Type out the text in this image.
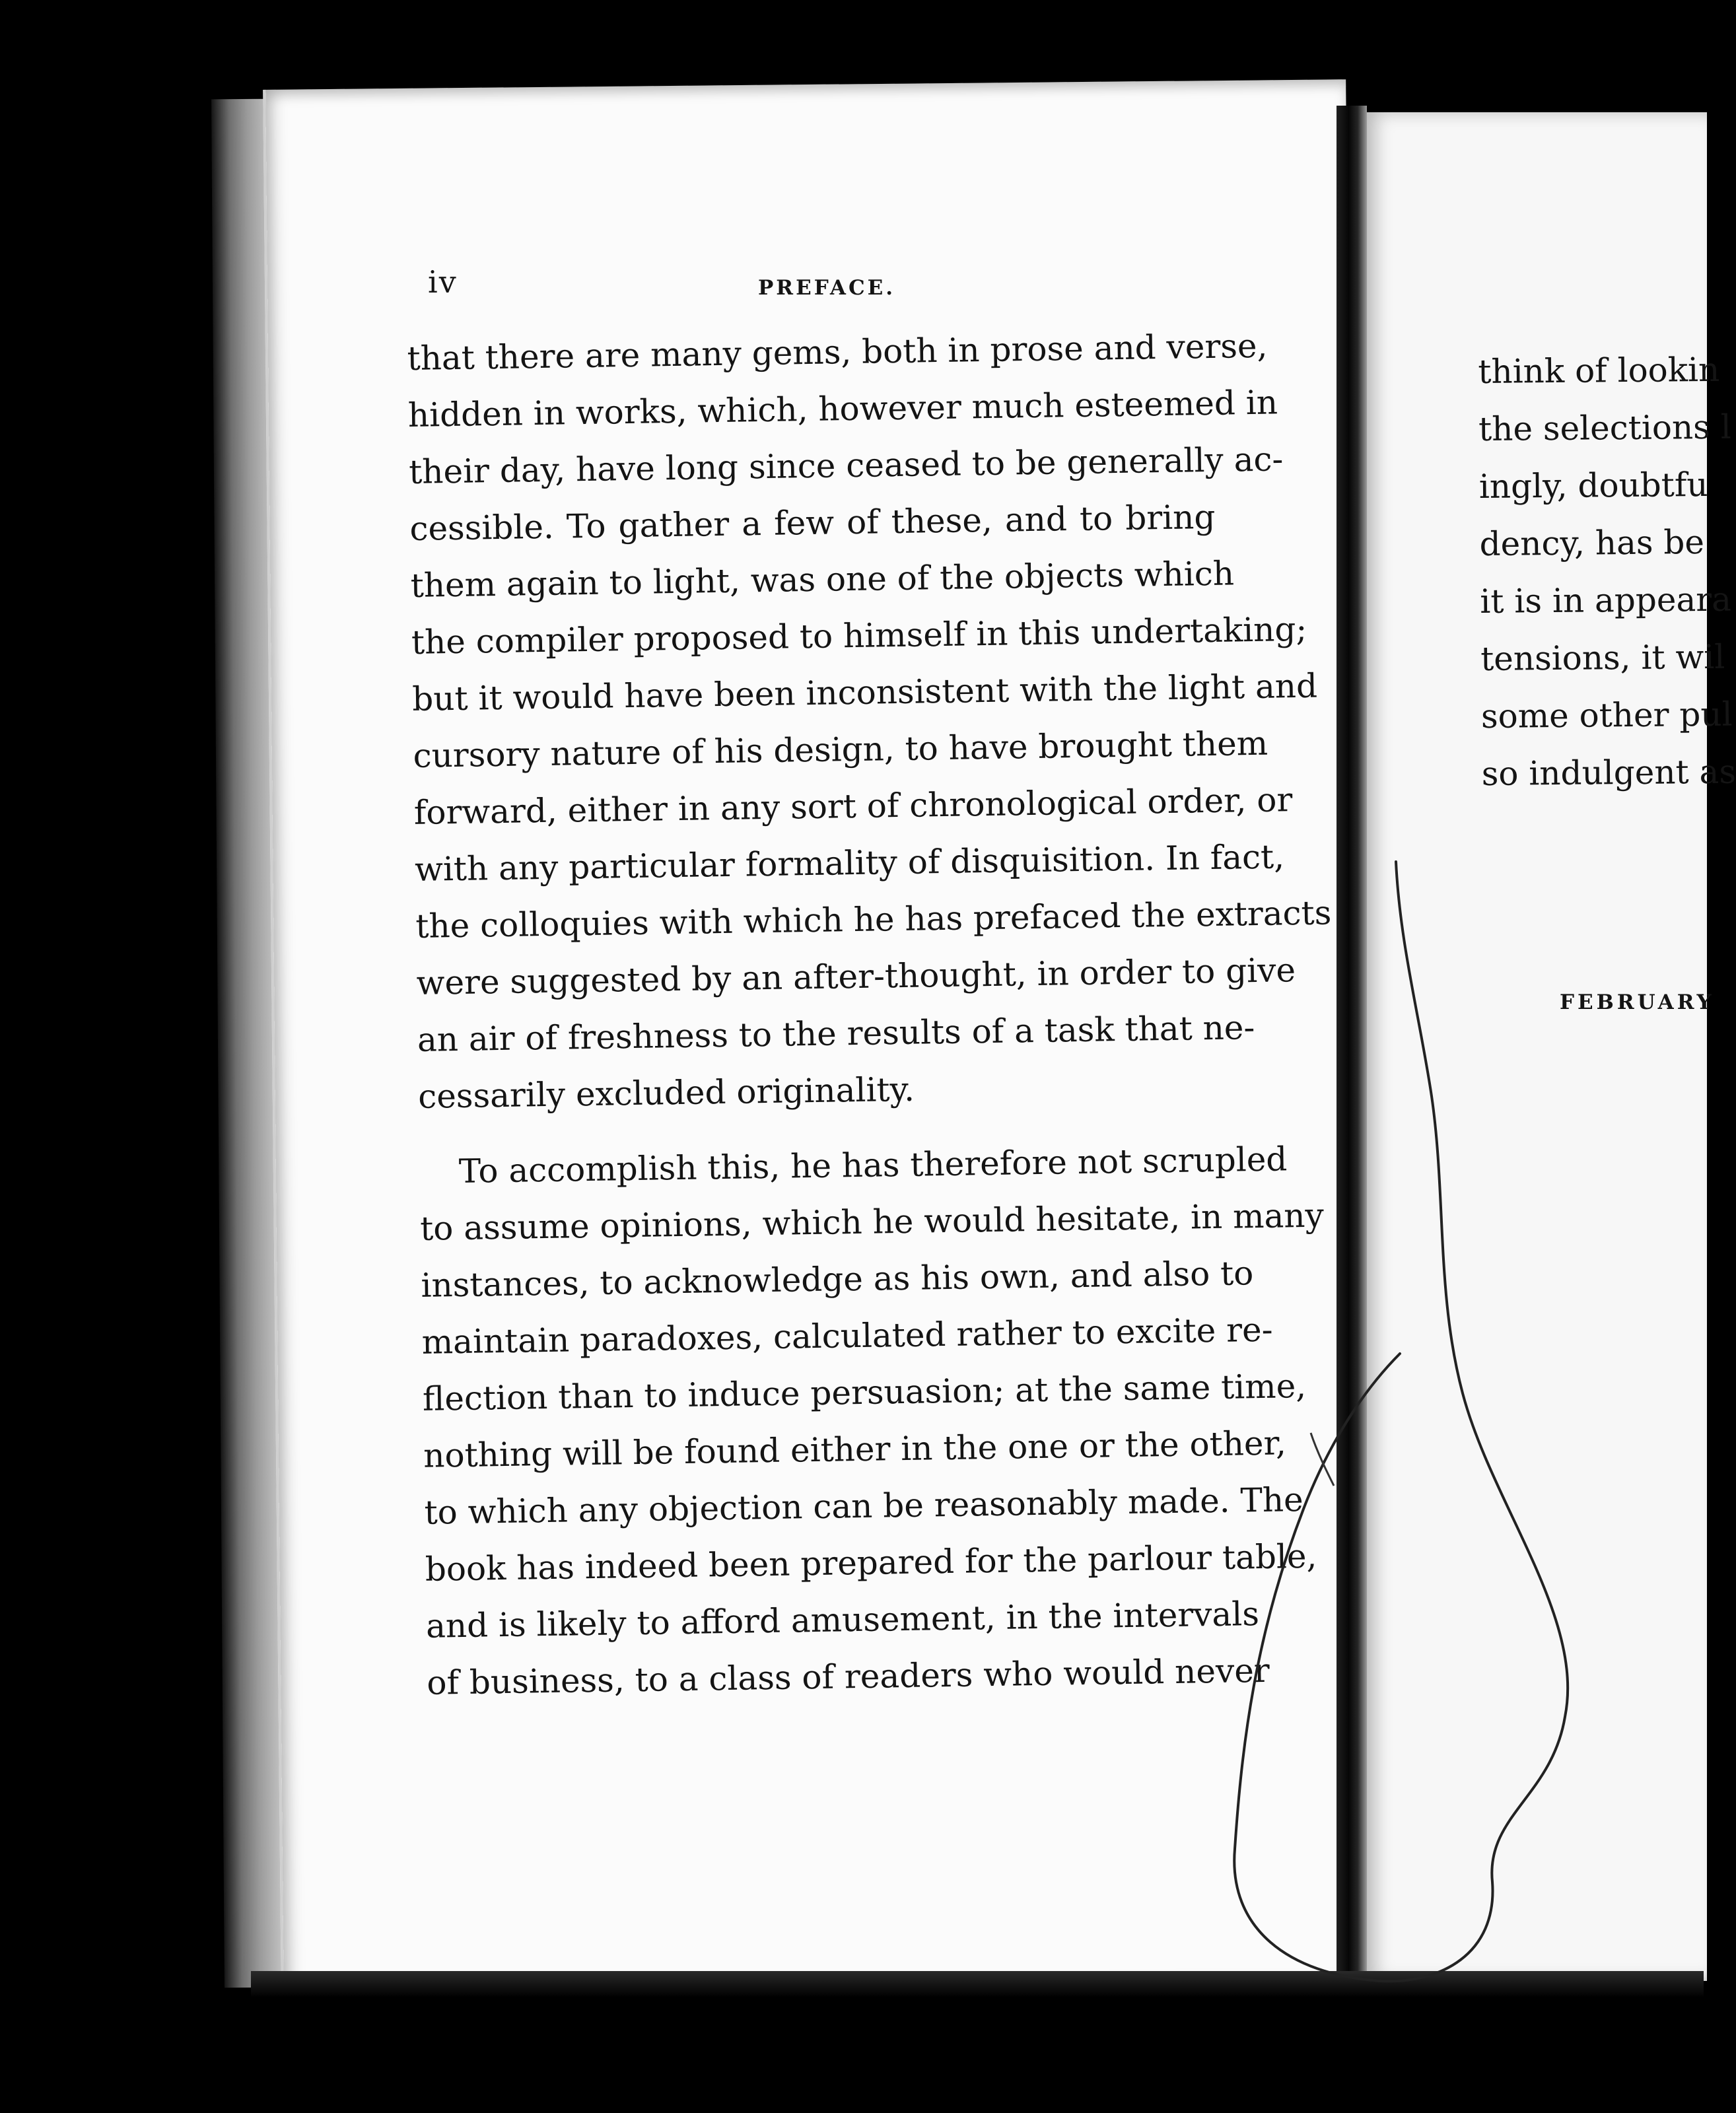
iv	PREFACE.
that there are many gems, both in prose and verse,
hidden in works, which, however much esteemed in
their day, have long since ceased to be generally ac-
cessible. To gather a few of these, and to bring
them again to light, was one of the objects which
the compiler proposed to himself in this undertaking;
but it would have been inconsistent with the light and
cursory nature of his design, to have brought them
forward, either in any sort of chronological order, or
with any particular formality of disquisition. In fact,
the colloquies with which he has prefaced the extracts
were suggested by an after-thought, in order to give
an air of freshness to the results of a task that ne-
cessarily excluded originality.
To accomplish this, he has therefore not scrupled
to assume opinions, which he would hesitate, in many
instances, to acknowledge as his own, and also to
maintain paradoxes, calculated rather to excite re-
flection than to induce persuasion; at the same time,
nothing will be found either in the one or the other,
to which any objection can be reasonably made. The
book has indeed been prepared for the parlour table,
and is likely to afford amusement, in the intervals
of business, to a class of readers who would never
think of lookin
the selections l
ingly, doubtfu
dency, has be
it is in appeara
tensions, it wil
some other pul
so indulgent as
FEBRUARY
